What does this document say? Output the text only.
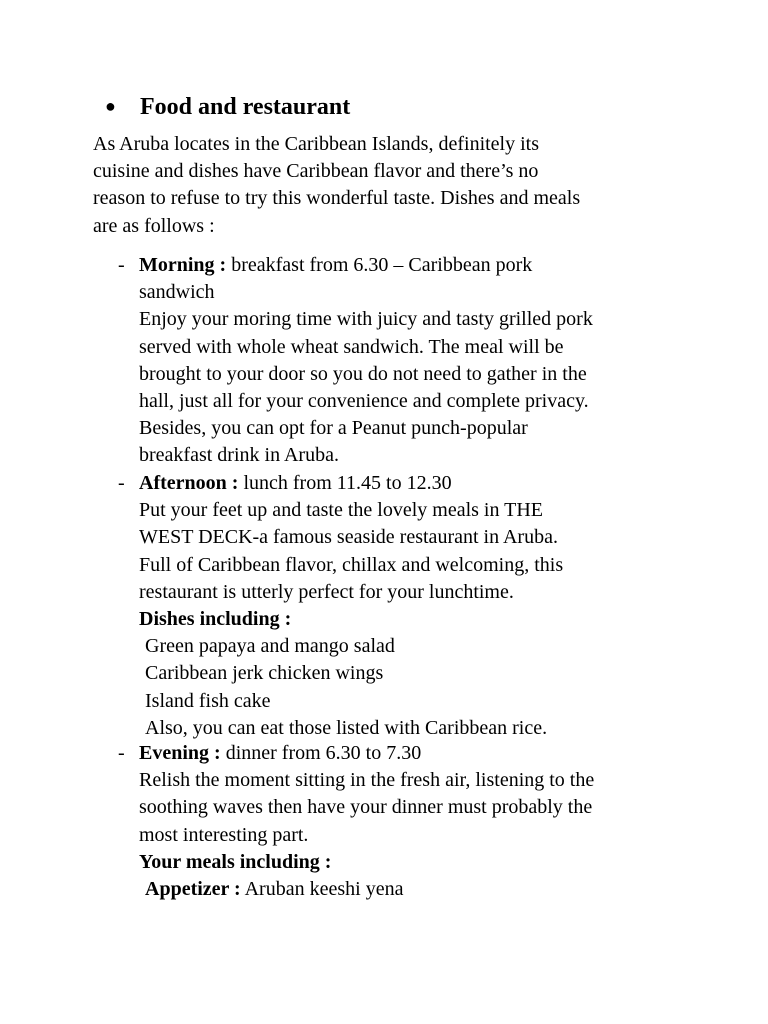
● Food and restaurant
As Aruba locates in the Caribbean Islands, definitely its
cuisine and dishes have Caribbean flavor and there’s no
reason to refuse to try this wonderful taste. Dishes and meals
are as follows :
- Morning : breakfast from 6.30 – Caribbean pork
sandwich
Enjoy your moring time with juicy and tasty grilled pork
served with whole wheat sandwich. The meal will be
brought to your door so you do not need to gather in the
hall, just all for your convenience and complete privacy.
Besides, you can opt for a Peanut punch-popular
breakfast drink in Aruba.
- Afternoon : lunch from 11.45 to 12.30
Put your feet up and taste the lovely meals in THE
WEST DECK-a famous seaside restaurant in Aruba.
Full of Caribbean flavor, chillax and welcoming, this
restaurant is utterly perfect for your lunchtime.
Dishes including :
Green papaya and mango salad
Caribbean jerk chicken wings
Island fish cake
Also, you can eat those listed with Caribbean rice.
- Evening : dinner from 6.30 to 7.30
Relish the moment sitting in the fresh air, listening to the
soothing waves then have your dinner must probably the
most interesting part.
Your meals including :
Appetizer : Aruban keeshi yena
